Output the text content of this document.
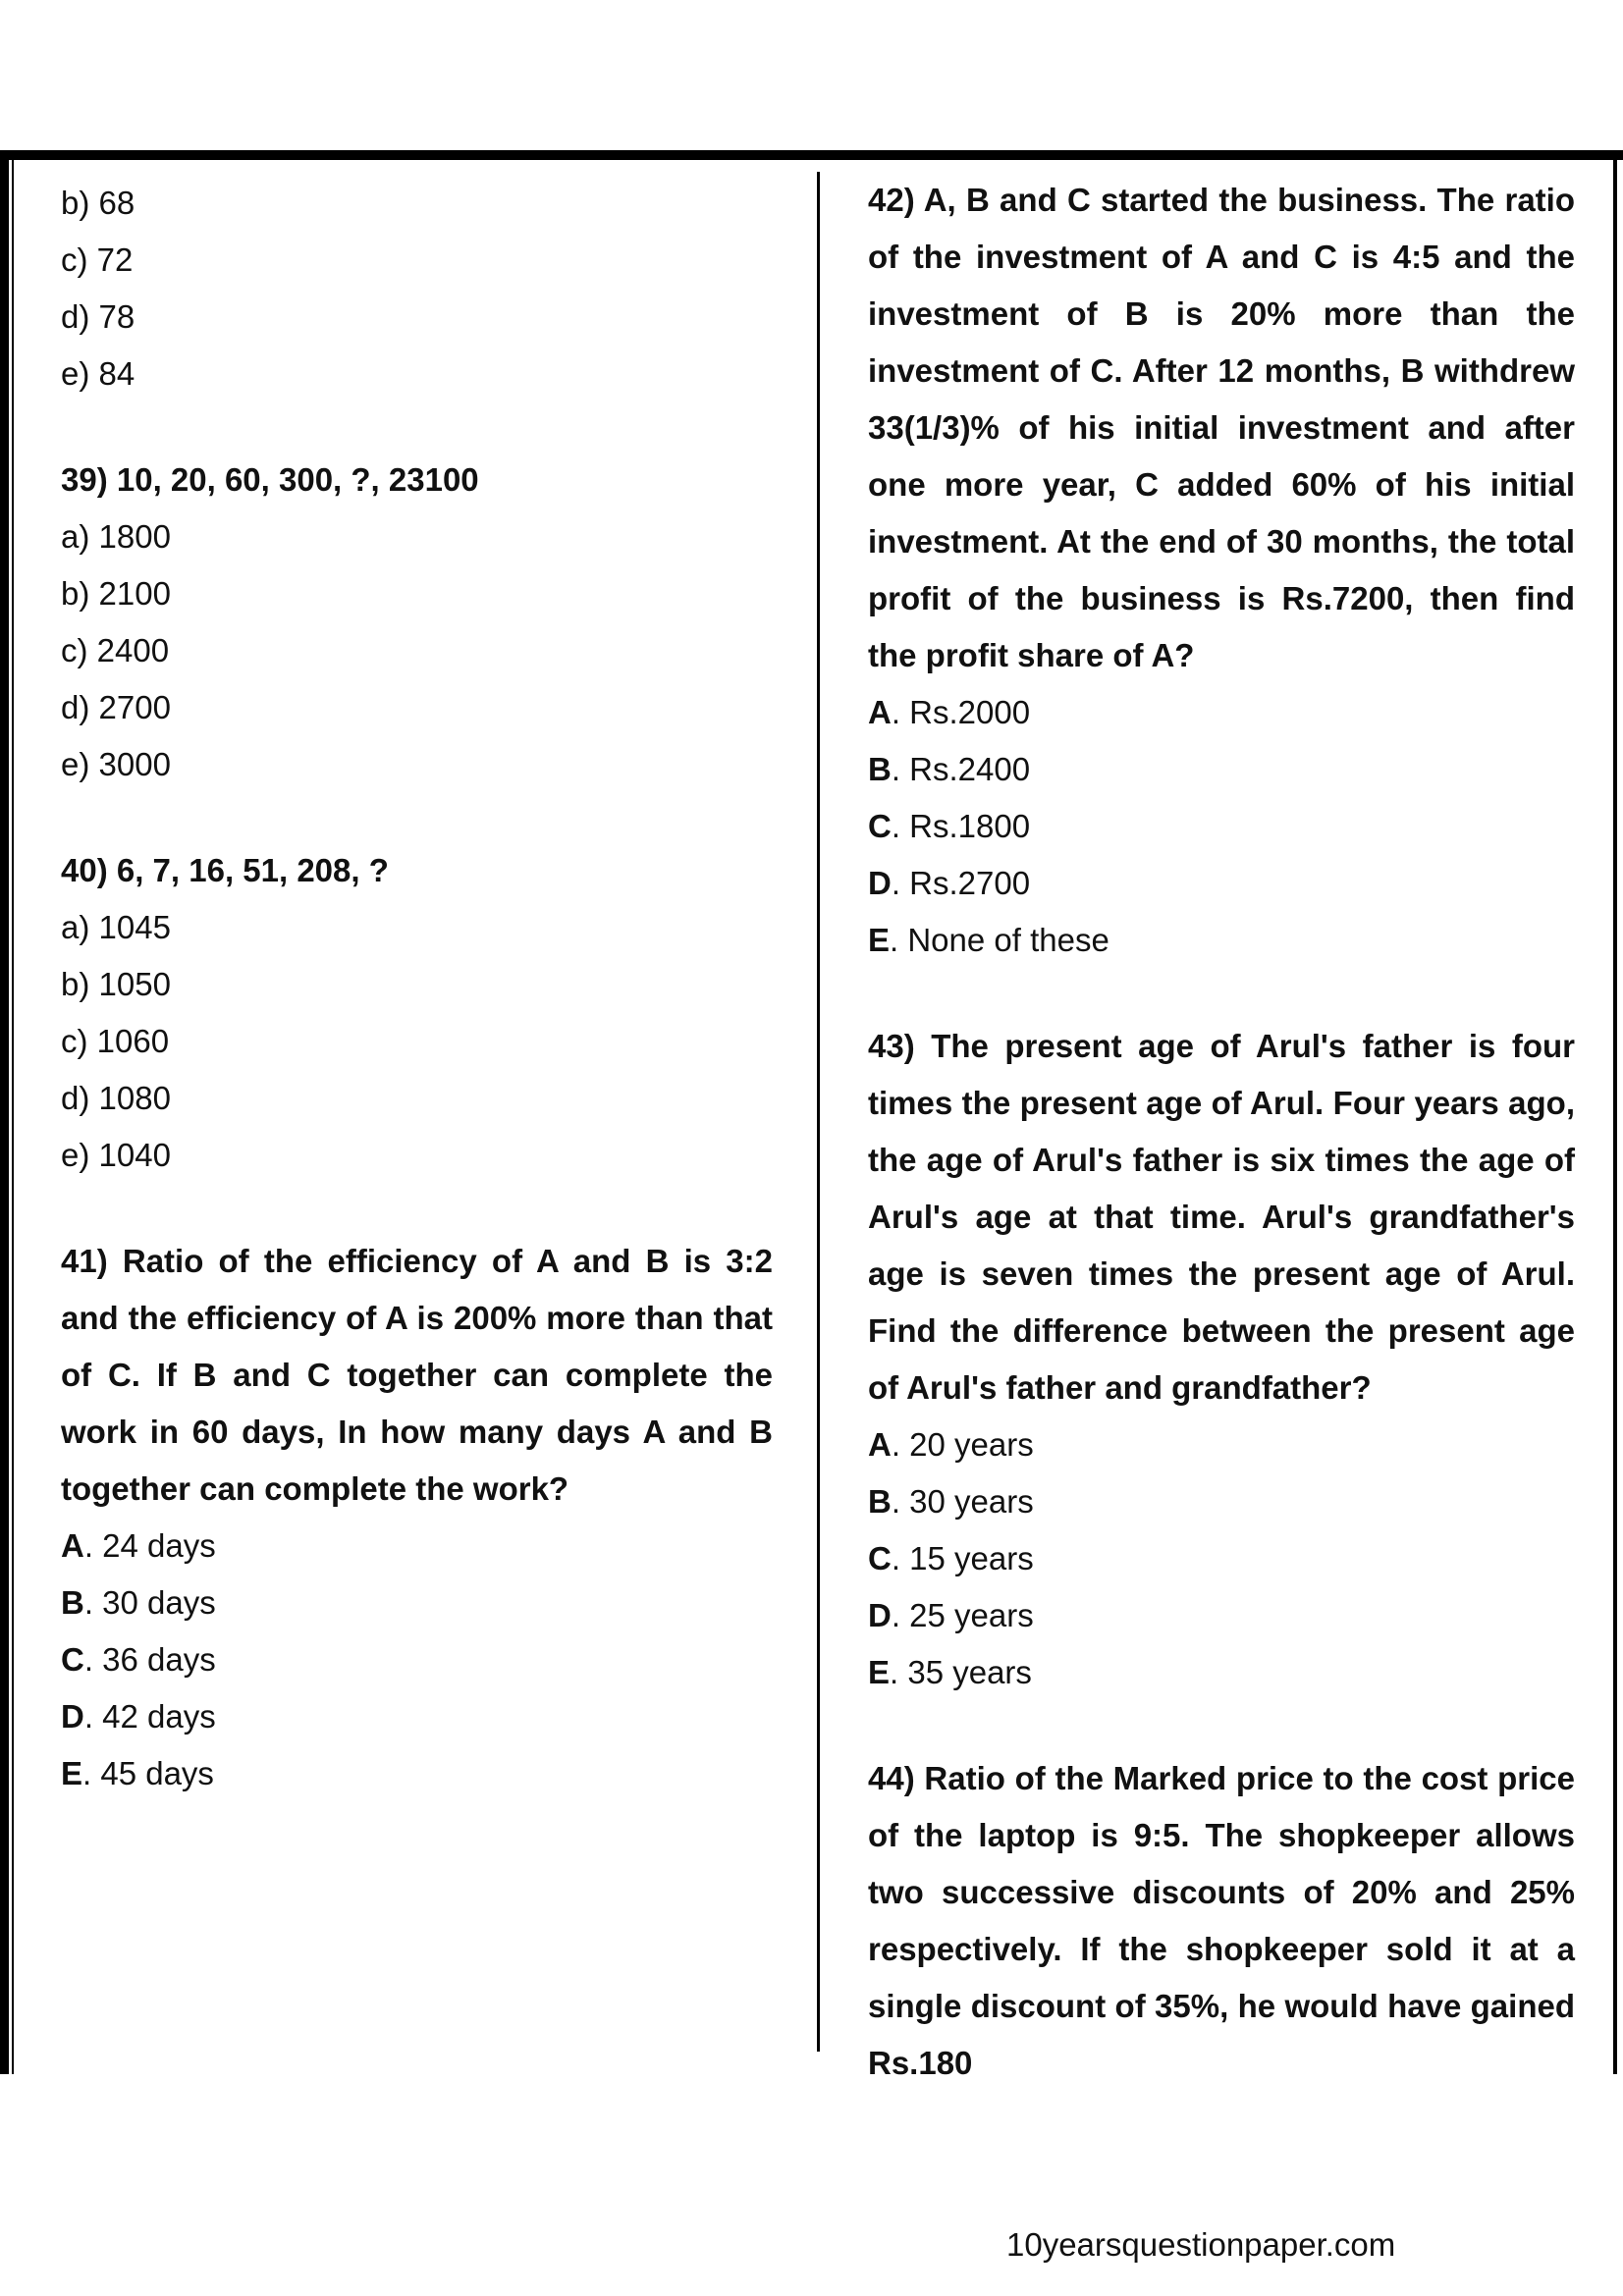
b) 68
c) 72
d) 78
e) 84
39) 10, 20, 60, 300, ?, 23100
a) 1800
b) 2100
c) 2400
d) 2700
e) 3000
40) 6, 7, 16, 51, 208, ?
a) 1045
b) 1050
c) 1060
d) 1080
e) 1040
41) Ratio of the efficiency of A and B is 3:2 and the efficiency of A is 200% more than that of C. If B and C together can complete the work in 60 days, In how many days A and B together can complete the work?
A. 24 days
B. 30 days
C. 36 days
D. 42 days
E. 45 days
42) A, B and C started the business. The ratio of the investment of A and C is 4:5 and the investment of B is 20% more than the investment of C. After 12 months, B withdrew 33(1/3)% of his initial investment and after one more year, C added 60% of his initial investment. At the end of 30 months, the total profit of the business is Rs.7200, then find the profit share of A?
A. Rs.2000
B. Rs.2400
C. Rs.1800
D. Rs.2700
E. None of these
43) The present age of Arul's father is four times the present age of Arul. Four years ago, the age of Arul's father is six times the age of Arul's age at that time. Arul's grandfather's age is seven times the present age of Arul. Find the difference between the present age of Arul's father and grandfather?
A. 20 years
B. 30 years
C. 15 years
D. 25 years
E. 35 years
44) Ratio of the Marked price to the cost price of the laptop is 9:5. The shopkeeper allows two successive discounts of 20% and 25% respectively. If the shopkeeper sold it at a single discount of 35%, he would have gained Rs.180
10yearsquestionpaper.com
